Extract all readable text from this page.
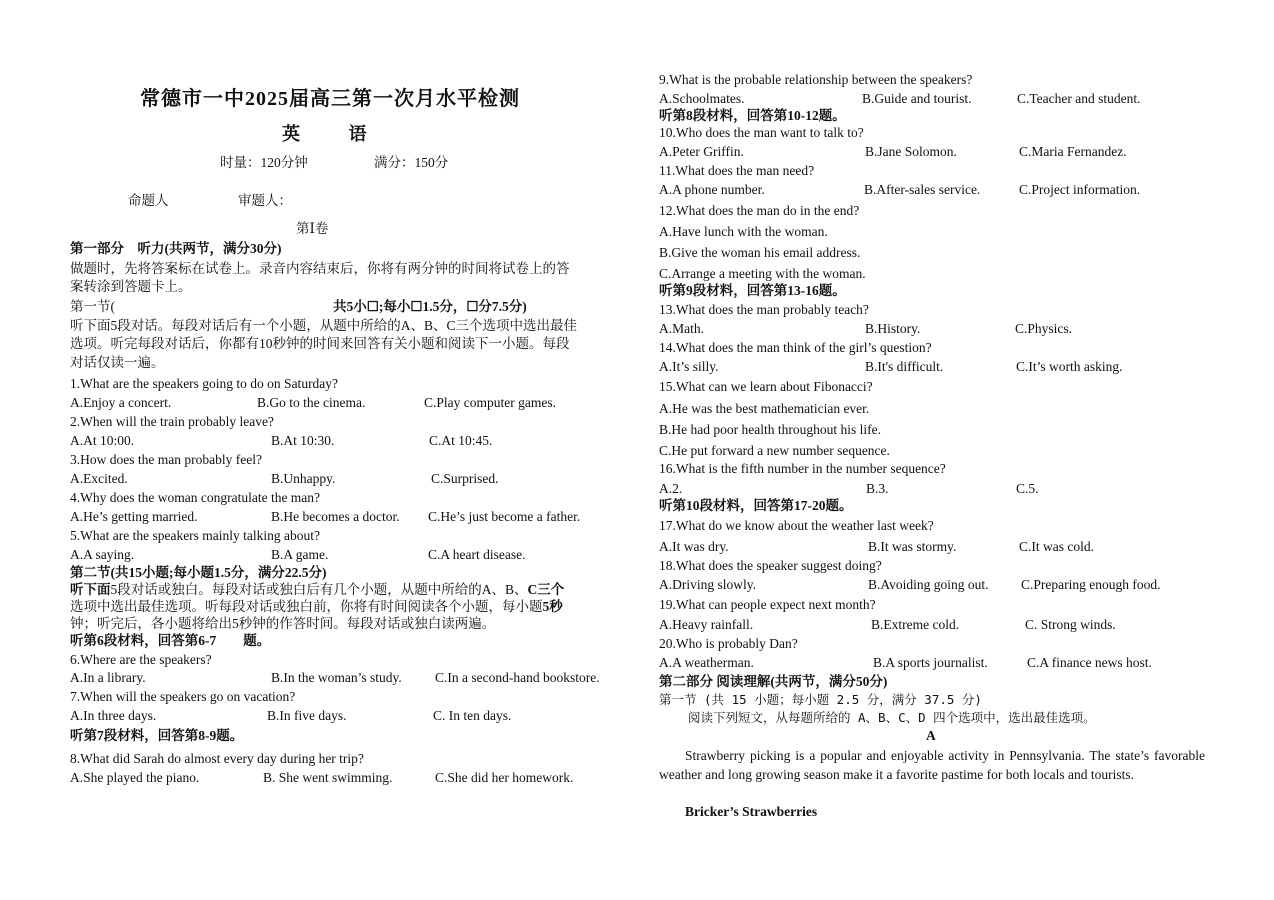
常德市一中2025届高三第一次月水平检测
英 语
时量：120分钟	满分：150分
命题人	审题人：
第Ⅰ卷
第一部分　听力(共两节，满分30分)
做题时，先将答案标在试卷上。录音内容结束后，你将有两分钟的时间将试卷上的答
案转涂到答题卡上。
第一节(	共5小☐;每小☐1.5分，☐分7.5分)
听下面5段对话。每段对话后有一个小题，从题中所给的A、B、C三个选项中选出最佳
选项。听完每段对话后，你都有10秒钟的时间来回答有关小题和阅读下一小题。每段
对话仅读一遍。
1.What are the speakers going to do on Saturday?
A.Enjoy a concert.	B.Go to the cinema.	C.Play computer games.
2.When will the train probably leave?
A.At 10:00.	B.At 10:30.	C.At 10:45.
3.How does the man probably feel?
A.Excited.	B.Unhappy.	C.Surprised.
4.Why does the woman congratulate the man?
A.He’s getting married.	B.He becomes a doctor. C.He’s just become a father.
5.What are the speakers mainly talking about?
A.A saying.	B.A game.	C.A heart disease.
第二节(共15小题;每小题1.5分，满分22.5分)
听下面5段对话或独白。每段对话或独白后有几个小题，从题中所给的A、B、C三个
选项中选出最佳选项。听每段对话或独白前，你将有时间阅读各个小题，每小题5秒
钟；听完后，各小题将给出5秒钟的作答时间。每段对话或独白读两遍。
听第6段材料，回答第6-7　　题。
6.Where are the speakers?
A.In a library.	B.In the woman’s study. C.In a second-hand bookstore.
7.When will the speakers go on vacation?
A.In three days.	B.In five days.	C. In ten days.
听第7段材料，回答第8-9题。
8.What did Sarah do almost every day during her trip?
A.She played the piano.	B. She went swimming.	C.She did her homework.
9.What is the probable relationship between the speakers?
A.Schoolmates.	B.Guide and tourist.	C.Teacher and student.
听第8段材料，回答第10-12题。
10.Who does the man want to talk to?
A.Peter Griffin.	B.Jane Solomon.	C.Maria Fernandez.
11.What does the man need?
A.A phone number.	B.After-sales service.	C.Project information.
12.What does the man do in the end?
A.Have lunch with the woman.
B.Give the woman his email address.
C.Arrange a meeting with the woman.
听第9段材料，回答第13-16题。
13.What does the man probably teach?
A.Math.	B.History.	C.Physics.
14.What does the man think of the girl’s question?
A.It’s silly.	B.It's difficult.	C.It’s worth asking.
15.What can we learn about Fibonacci?
A.He was the best mathematician ever.
B.He had poor health throughout his life.
C.He put forward a new number sequence.
16.What is the fifth number in the number sequence?
A.2.	B.3.	C.5.
听第10段材料，回答第17-20题。
17.What do we know about the weather last week?
A.It was dry.	B.It was stormy.	C.It was cold.
18.What does the speaker suggest doing?
A.Driving slowly.	B.Avoiding going out. C.Preparing enough food.
19.What can people expect next month?
A.Heavy rainfall.	B.Extreme cold.	C. Strong winds.
20.Who is probably Dan?
A.A weatherman.	B.A sports journalist.	C.A finance news host.
第二部分 阅读理解(共两节，满分50分)
第一节 (共 15 小题；每小题 2.5 分，满分 37.5 分)
阅读下列短文，从每题所给的 A、B、C、D 四个选项中，选出最佳选项。
A
Strawberry picking is a popular and enjoyable activity in Pennsylvania. The state’s favorable weather and long growing season make it a favorite pastime for both locals and tourists.
Bricker’s Strawberries
